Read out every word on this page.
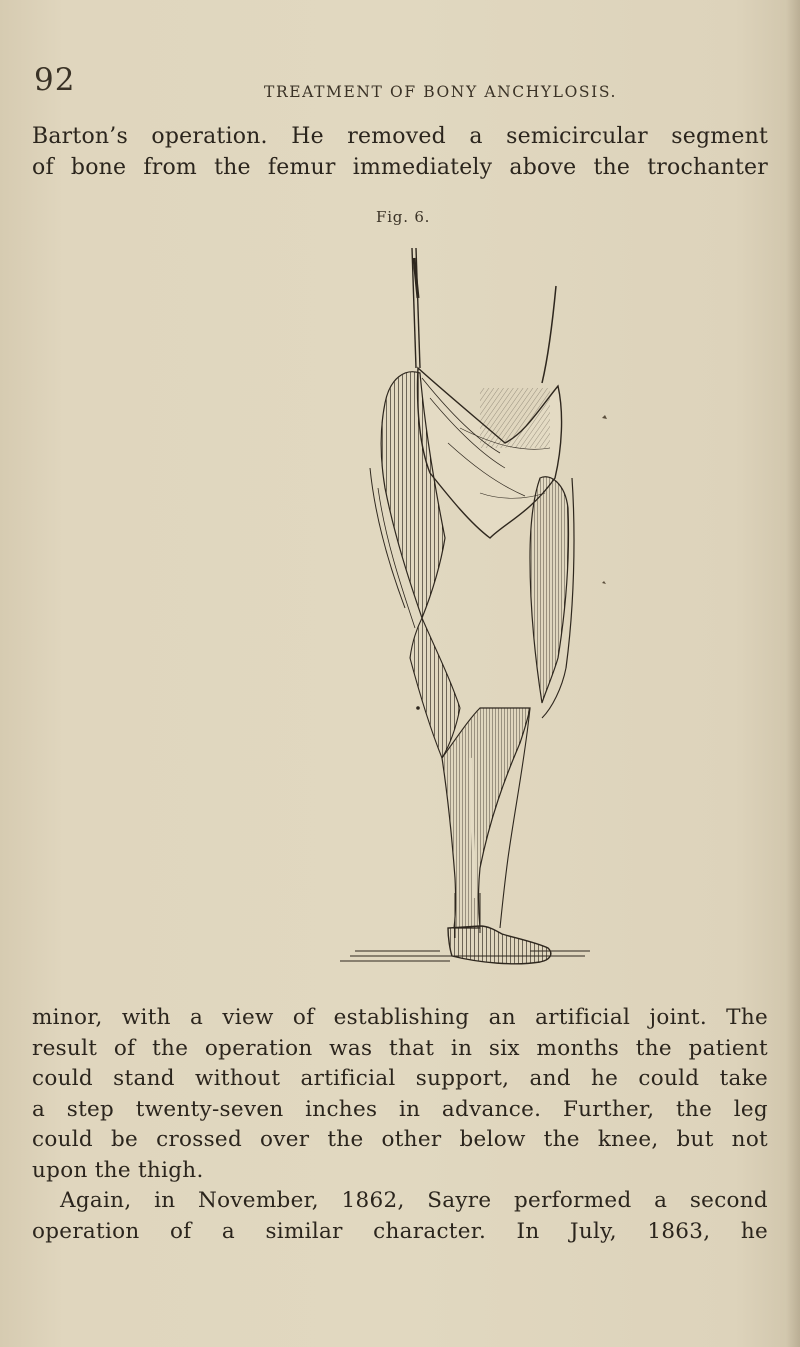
92	TREATMENT OF BONY ANCHYLOSIS.
Barton’s operation. He removed a semicircular segment
of bone from the femur immediately above the trochanter
Fig. 6.
minor, with a view of establishing an artificial joint. The
result of the operation was that in six months the patient
could stand without artificial support, and he could take
a step twenty-seven inches in advance. Further, the leg
could be crossed over the other below the knee, but not
upon the thigh.
Again, in November, 1862, Sayre performed a second
operation of a similar character. In July, 1863, he
